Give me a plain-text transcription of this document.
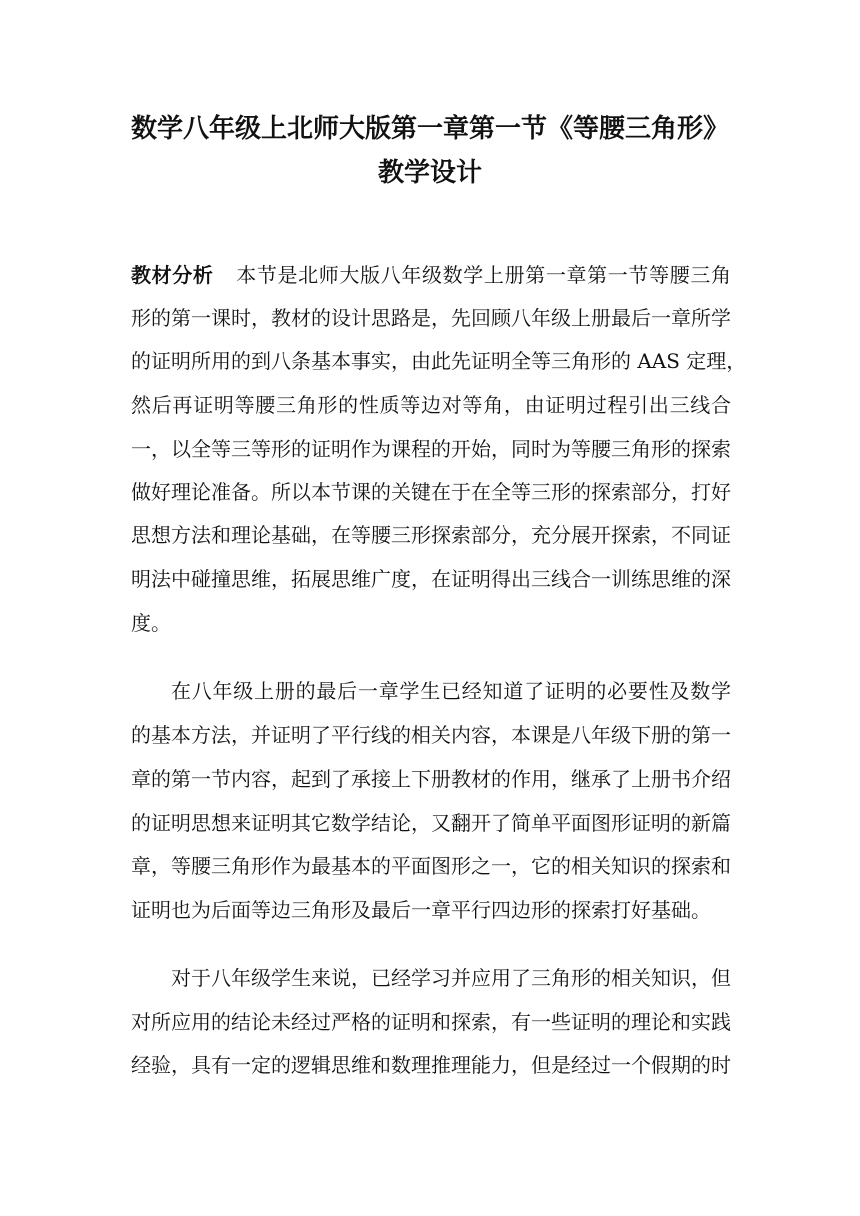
数学八年级上北师大版第一章第一节《等腰三角形》
教学设计
教材分析 本节是北师大版八年级数学上册第一章第一节等腰三角
形的第一课时，教材的设计思路是，先回顾八年级上册最后一章所学
的证明所用的到八条基本事实，由此先证明全等三角形的 AAS 定理，
然后再证明等腰三角形的性质等边对等角，由证明过程引出三线合
一，以全等三等形的证明作为课程的开始，同时为等腰三角形的探索
做好理论准备。所以本节课的关键在于在全等三形的探索部分，打好
思想方法和理论基础，在等腰三形探索部分，充分展开探索，不同证
明法中碰撞思维，拓展思维广度，在证明得出三线合一训练思维的深
度。
在八年级上册的最后一章学生已经知道了证明的必要性及数学
的基本方法，并证明了平行线的相关内容，本课是八年级下册的第一
章的第一节内容，起到了承接上下册教材的作用，继承了上册书介绍
的证明思想来证明其它数学结论，又翻开了简单平面图形证明的新篇
章，等腰三角形作为最基本的平面图形之一，它的相关知识的探索和
证明也为后面等边三角形及最后一章平行四边形的探索打好基础。
对于八年级学生来说，已经学习并应用了三角形的相关知识，但
对所应用的结论未经过严格的证明和探索，有一些证明的理论和实践
经验，具有一定的逻辑思维和数理推理能力，但是经过一个假期的时
